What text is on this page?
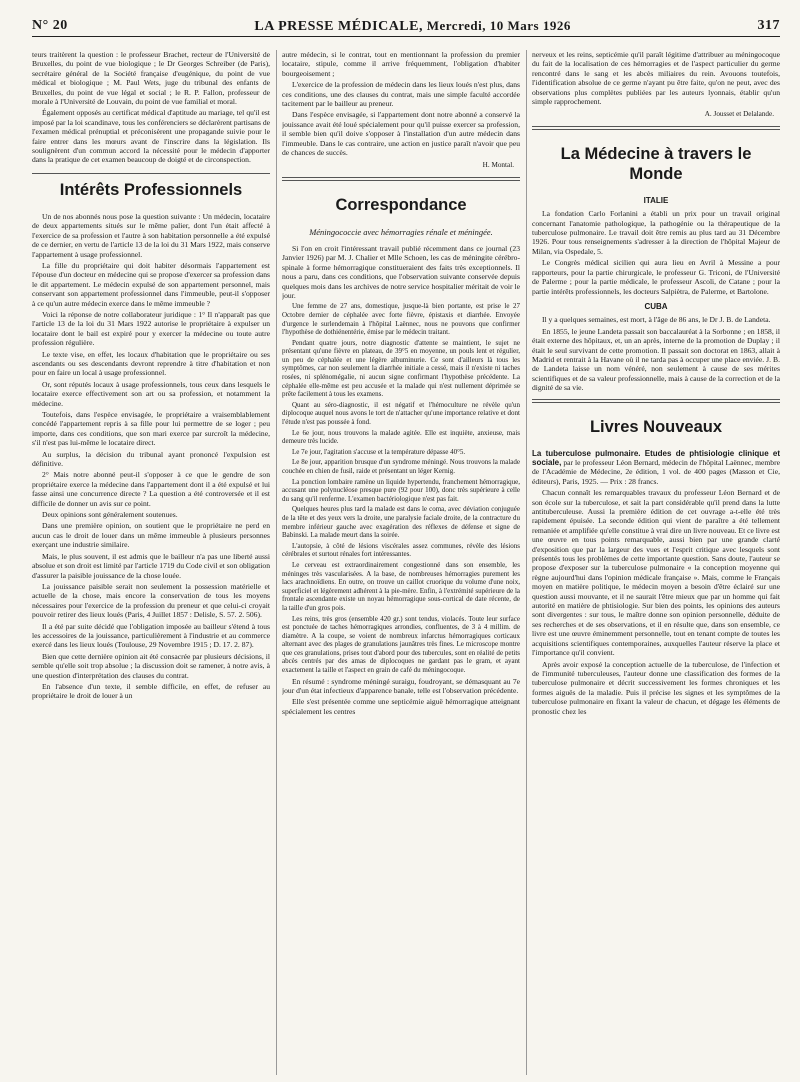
N° 20	LA PRESSE MÉDICALE, Mercredi, 10 Mars 1926	317

teurs traitèrent la question : le professeur Brachet, recteur de l'Université de Bruxelles, du point de vue biologique ; le Dr Georges Schreiber (de Paris), secrétaire général de la Société française d'eugénique, du point de vue médical et biologique ; M. Paul Wets, juge du tribunal des enfants de Bruxelles, du point de vue légal et social ; le R. P. Fallon, professeur de morale à l'Université de Louvain, du point de vue familial et moral.

Également opposés au certificat médical d'aptitude au mariage, tel qu'il est imposé par la loi scandinave, tous les conférenciers se déclarèrent partisans de l'examen médical prénuptial et préconisèrent une propagande suivie pour le faire entrer dans les mœurs avant de l'inscrire dans la législation. Ils soulignèrent d'un commun accord la nécessité pour le médecin d'apporter dans la pratique de cet examen beaucoup de doigté et de circonspection.

Intérêts Professionnels

Un de nos abonnés nous pose la question suivante : Un médecin, locataire de deux appartements situés sur le même palier, dont l'un était affecté à l'exercice de sa profession et l'autre à son habitation personnelle a été expulsé de ce dernier, en vertu de l'article 13 de la loi du 31 Mars 1922, mais conserve l'appartement à usage professionnel.

La fille du propriétaire qui doit habiter désormais l'appartement est l'épouse d'un docteur en médecine qui se propose d'exercer sa profession dans le dit appartement. Le médecin expulsé de son appartement personnel, mais conservant son appartement professionnel dans l'immeuble, peut-il s'opposer à ce qu'un autre médecin exerce dans le même immeuble ?

Voici la réponse de notre collaborateur juridique : 1° Il n'apparaît pas que l'article 13 de la loi du 31 Mars 1922 autorise le propriétaire à expulser un locataire dont le bail est expiré pour y exercer la médecine ou toute autre profession régulière.

Le texte vise, en effet, les locaux d'habitation que le propriétaire ou ses ascendants ou ses descendants devront reprendre à titre d'habitation et non pour en faire un local à usage professionnel.

Or, sont réputés locaux à usage professionnels, tous ceux dans lesquels le locataire exerce effectivement son art ou sa profession, et notamment la médecine.

Toutefois, dans l'espèce envisagée, le propriétaire a vraisemblablement concédé l'appartement repris à sa fille pour lui permettre de se loger ; peu importe, dans ces conditions, que son mari exerce par surcroît la médecine, s'il n'est pas lui-même le locataire direct.

Au surplus, la décision du tribunal ayant prononcé l'expulsion est définitive.

2° Mais notre abonné peut-il s'opposer à ce que le gendre de son propriétaire exerce la médecine dans l'appartement dont il a été expulsé et lui fasse ainsi une concurrence directe ? La question a été controversée et il est difficile de donner un avis sur ce point.

Deux opinions sont généralement soutenues.

Dans une première opinion, on soutient que le propriétaire ne perd en aucun cas le droit de louer dans un même immeuble à plusieurs personnes exerçant une industrie similaire.

Mais, le plus souvent, il est admis que le bailleur n'a pas une liberté aussi absolue et son droit est limité par l'article 1719 du Code civil et son obligation d'assurer la paisible jouissance de la chose louée.

La jouissance paisible serait non seulement la possession matérielle et actuelle de la chose, mais encore la conservation de tous les moyens nécessaires pour l'exercice de la profession du preneur et que celui-ci croyait pouvoir retirer des lieux loués (Paris, 4 Juillet 1857 : Delisle, S. 57. 2. 506).

Il a été par suite décidé que l'obligation imposée au bailleur s'étend à tous les accessoires de la jouissance, particulièrement à l'industrie et au commerce exercé dans les lieux loués (Toulouse, 29 Novembre 1915 ; D. 17. 2. 87).

Bien que cette dernière opinion ait été consacrée par plusieurs décisions, il semble qu'elle soit trop absolue ; la discussion doit se ramener, à notre avis, à une question d'interprétation des clauses du contrat.

En l'absence d'un texte, il semble difficile, en effet, de refuser au propriétaire le droit de louer à un

autre médecin, si le contrat, tout en mentionnant la profession du premier locataire, stipule, comme il arrive fréquemment, l'obligation d'habiter bourgeoisement ;

L'exercice de la profession de médecin dans les lieux loués n'est plus, dans ces conditions, une des clauses du contrat, mais une simple faculté accordée tacitement par le bailleur au preneur.

Dans l'espèce envisagée, si l'appartement dont notre abonné a conservé la jouissance avait été loué spécialement pour qu'il puisse exercer sa profession, il semble bien qu'il doive s'opposer à l'installation d'un autre médecin dans l'immeuble. Dans le cas contraire, une action en justice paraît n'avoir que peu de chances de succès.

H. Montal.
Correspondance
Méningococcie avec hémorragies rénale et méningée.

Si l'on en croit l'intéressant travail publié récemment dans ce journal (23 Janvier 1926) par M. J. Chalier et Mlle Schoen, les cas de méningite cérébro-spinale à forme hémorragique constitueraient des faits très exceptionnels. Il nous a paru, dans ces conditions, que l'observation suivante conservée depuis quelques mois dans les archives de notre service hospitalier méritait de voir le jour.

Une femme de 27 ans, domestique, jusque-là bien portante, est prise le 27 Octobre dernier de céphalée avec forte fièvre, épistaxis et diarrhée. Envoyée d'urgence le surlendemain à l'hôpital Laënnec, nous ne pouvons que confirmer l'hypothèse de dothiénentérie, émise par le médecin traitant.

Pendant quatre jours, notre diagnostic d'attente se maintient, le sujet ne présentant qu'une fièvre en plateau, de 39°5 en moyenne, un pouls lent et régulier, un peu de céphalée et une légère albuminurie. Ce sont d'ailleurs là tous les symptômes, car non seulement la diarrhée initiale a cessé, mais il n'existe ni taches rosées, ni splénomégalie, ni aucun signe confirmant l'hypothèse précédente. La céphalée elle-même est peu accusée et la malade qui n'est nullement déprimée se prête facilement à tous les examens.

Quant au séro-diagnostic, il est négatif et l'hémoculture ne révèle qu'un diplocoque auquel nous avons le tort de n'attacher qu'une importance relative et dont l'étude n'est pas poussée à fond.

Le 6e jour, nous trouvons la malade agitée. Elle est inquiète, anxieuse, mais demeure très lucide.

Le 7e jour, l'agitation s'accuse et la température dépasse 40°5.

Le 8e jour, apparition brusque d'un syndrome méningé. Nous trouvons la malade couchée en chien de fusil, raide et présentant un léger Kernig.

La ponction lombaire ramène un liquide hypertendu, franchement hémorragique, accusant une polynucléose presque pure (92 pour 100), donc très supérieure à celle du sang qu'il renferme. L'examen bactériologique n'est pas fait.

Quelques heures plus tard la malade est dans le coma, avec déviation conjuguée de la tête et des yeux vers la droite, une paralysie faciale droite, de la contracture du membre inférieur gauche avec exagération des réflexes de défense et signe de Babinski. La malade meurt dans la soirée.

L'autopsie, à côté de lésions viscérales assez communes, révèle des lésions cérébrales et surtout rénales fort intéressantes.

Le cerveau est extraordinairement congestionné dans son ensemble, les méninges très vascularisées. A la base, de nombreuses hémorragies purement les lacs arachnoïdiens. En outre, on trouve un caillot cruorique du volume d'une noix, superficiel et légèrement adhérent à la pie-mère. Enfin, à l'extrémité supérieure de la frontale ascendante existe un noyau hémorragique sous-cortical de date récente, de la taille d'un gros pois.

Les reins, très gros (ensemble 420 gr.) sont tendus, violacés. Toute leur surface est ponctuée de taches hémorragiques arrondies, confluentes, de 3 à 4 millim. de diamètre. A la coupe, se voient de nombreux infarctus hémorragiques corticaux alternant avec des plages de granulations jaunâtres très fines. Le microscope montre que ces granulations, prises tout d'abord pour des tubercules, sont en réalité de petits abcès centrés par des amas de diplocoques ne gardant pas le gram, et ayant exactement la taille et l'aspect en grain de café du méningocoque.

En résumé : syndrome méningé suraigu, foudroyant, se démasquant au 7e jour d'un état infectieux d'apparence banale, telle est l'observation précédente.

Elle s'est présentée comme une septicémie aiguë hémorragique atteignant spécialement les centres

nerveux et les reins, septicémie qu'il paraît légitime d'attribuer au méningocoque du fait de la localisation de ces hémorragies et de l'aspect particulier du germe rencontré dans le sang et les abcès miliaires du rein. Avouons toutefois, l'identification absolue de ce germe n'ayant pu être faite, qu'on ne peut, avec des observations plus complètes publiées par les auteurs lyonnais, établir qu'un simple rapprochement.

A. Jousset et Delalande.
La Médecine à travers le Monde
ITALIE

La fondation Carlo Forlanini a établi un prix pour un travail original concernant l'anatomie pathologique, la pathogénie ou la thérapeutique de la tuberculose pulmonaire. Le travail doit être remis au plus tard au 31 Décembre 1926. Pour tous renseignements s'adresser à la direction de l'hôpital Majeur de Milan, via Ospedale, 5.

Le Congrès médical sicilien qui aura lieu en Avril à Messine a pour rapporteurs, pour la partie chirurgicale, le professeur G. Triconi, de l'Université de Palerme ; pour la partie médicale, le professeur Ascoli, de Catane ; pour la partie intérêts professionnels, les docteurs Salpiètra, de Palerme, et Bartolone.

CUBA

Il y a quelques semaines, est mort, à l'âge de 86 ans, le Dr J. B. de Landeta.

En 1855, le jeune Landeta passait son baccalauréat à la Sorbonne ; en 1858, il était externe des hôpitaux, et, un an après, interne de la promotion de Duplay ; il était le seul survivant de cette promotion. Il passait son doctorat en 1863, allait à Madrid et rentrait à la Havane où il ne tarda pas à occuper une place enviée. J. B. de Landeta laisse un nom vénéré, non seulement à cause de ses mérites scientifiques et de sa valeur professionnelle, mais à cause de la correction et de la dignité de sa vie.

Livres Nouveaux

La tuberculose pulmonaire. Etudes de phtisiologie clinique et sociale, par le professeur Léon Bernard, médecin de l'hôpital Laënnec, membre de l'Académie de Médecine, 2e édition, 1 vol. de 400 pages (Masson et Cie, éditeurs), Paris, 1925. — Prix : 28 francs.

Chacun connaît les remarquables travaux du professeur Léon Bernard et de son école sur la tuberculose, et sait la part considérable qu'il prend dans la lutte antituberculeuse. Aussi la première édition de cet ouvrage a-t-elle été très rapidement épuisée. La seconde édition qui vient de paraître a été tellement remaniée et amplifiée qu'elle constitue à vrai dire un livre nouveau. Et ce livre est une œuvre en tous points remarquable, aussi bien par une grande clarté d'exposition que par la largeur des vues et l'esprit critique avec lesquels sont présentés tous les problèmes de cette importante question. Sans doute, l'auteur se propose d'exposer sur la tuberculose pulmonaire « la conception moyenne qui règne aujourd'hui dans l'opinion médicale française ». Mais, comme le Français moyen en matière politique, le médecin moyen a besoin d'être éclairé sur une question aussi mouvante, et il ne saurait l'être mieux que par un homme qui fait autorité en matière de phtisiologie. Sur bien des points, les opinions des auteurs sont divergentes : sur tous, le maître donne son opinion personnelle, déduite de ses recherches et de ses observations, et il en résulte que, dans son ensemble, ce livre est une œuvre éminemment personnelle, tout en tenant compte de toutes les acquisitions scientifiques contemporaines, auxquelles l'auteur réserve la place et l'importance qu'il convient.

Après avoir exposé la conception actuelle de la tuberculose, de l'infection et de l'immunité tuberculeuses, l'auteur donne une classification des formes de la tuberculose pulmonaire et décrit successivement les formes chroniques et les formes aiguës de la maladie. Puis il précise les signes et les symptômes de la tuberculose pulmonaire en fixant la valeur de chacun, et dégage les éléments de pronostic chez les
